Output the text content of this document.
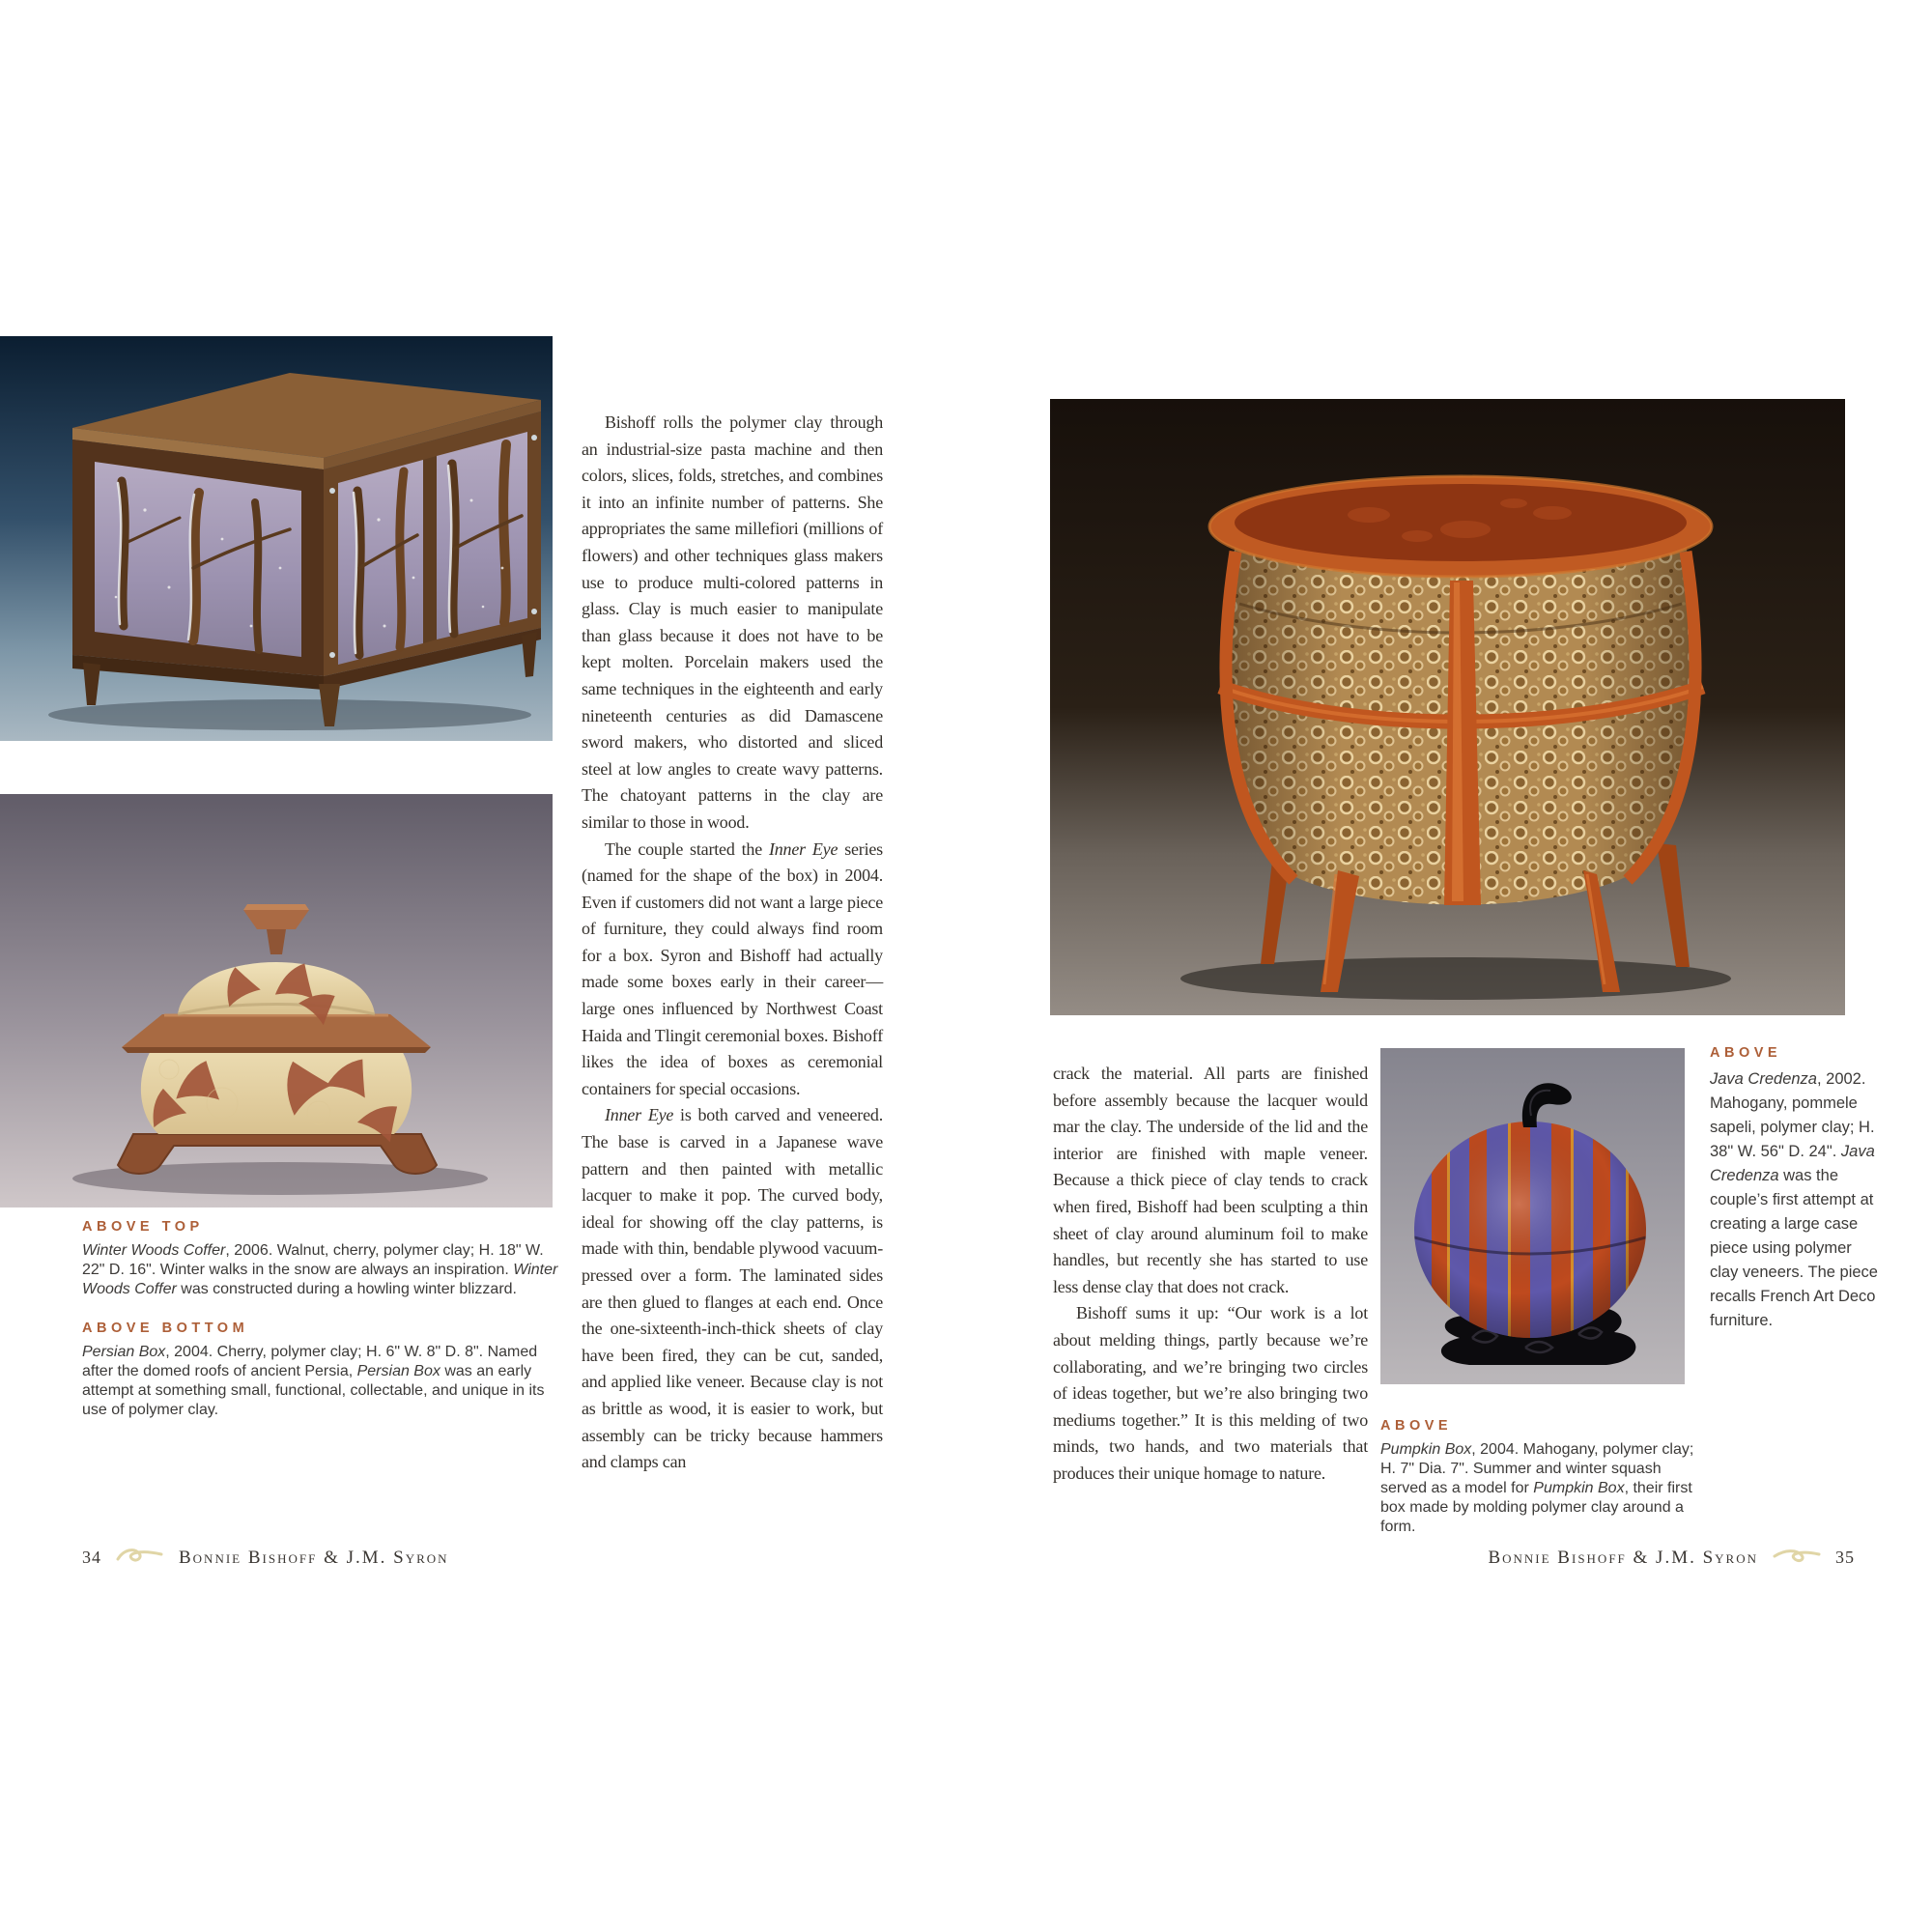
Bishoff rolls the polymer clay through an industrial-size pasta machine and then colors, slices, folds, stretches, and combines it into an infinite number of patterns. She appropriates the same millefiori (millions of flowers) and other techniques glass makers use to produce multi-colored patterns in glass. Clay is much easier to manipulate than glass because it does not have to be kept molten. Porcelain makers used the same techniques in the eighteenth and early nineteenth centuries as did Damascene sword makers, who distorted and sliced steel at low angles to create wavy patterns. The chatoyant patterns in the clay are similar to those in wood.

The couple started the Inner Eye series (named for the shape of the box) in 2004. Even if customers did not want a large piece of furniture, they could always find room for a box. Syron and Bishoff had actually made some boxes early in their career—large ones influenced by Northwest Coast Haida and Tlingit ceremonial boxes. Bishoff likes the idea of boxes as ceremonial containers for special occasions.

Inner Eye is both carved and veneered. The base is carved in a Japanese wave pattern and then painted with metallic lacquer to make it pop. The curved body, ideal for showing off the clay patterns, is made with thin, bendable plywood vacuum-pressed over a form. The laminated sides are then glued to flanges at each end. Once the one-sixteenth-inch-thick sheets of clay have been fired, they can be cut, sanded, and applied like veneer. Because clay is not as brittle as wood, it is easier to work, but assembly can be tricky because hammers and clamps can

ABOVE TOP
Winter Woods Coffer, 2006. Walnut, cherry, polymer clay; H. 18" W. 22" D. 16". Winter walks in the snow are always an inspiration. Winter Woods Coffer was constructed during a howling winter blizzard.
ABOVE BOTTOM
Persian Box, 2004. Cherry, polymer clay; H. 6" W. 8" D. 8". Named after the domed roofs of ancient Persia, Persian Box was an early attempt at something small, functional, collectable, and unique in its use of polymer clay.
34	Bonnie Bishoff & J.M. Syron

crack the material. All parts are finished before assembly because the lacquer would mar the clay. The underside of the lid and the interior are finished with maple veneer. Because a thick piece of clay tends to crack when fired, Bishoff had been sculpting a thin sheet of clay around aluminum foil to make handles, but recently she has started to use less dense clay that does not crack.

Bishoff sums it up: “Our work is a lot about melding things, partly because we’re collaborating, and we’re bringing two circles of ideas together, but we’re also bringing two mediums together.” It is this melding of two minds, two hands, and two materials that produces their unique homage to nature.

ABOVE
Java Credenza, 2002. Mahogany, pommele sapeli, polymer clay; H. 38" W. 56" D. 24". Java Credenza was the couple’s first attempt at creating a large case piece using polymer clay veneers. The piece recalls French Art Deco furniture.
ABOVE
Pumpkin Box, 2004. Mahogany, polymer clay; H. 7" Dia. 7". Summer and winter squash served as a model for Pumpkin Box, their first box made by molding polymer clay around a form.
Bonnie Bishoff & J.M. Syron	35
